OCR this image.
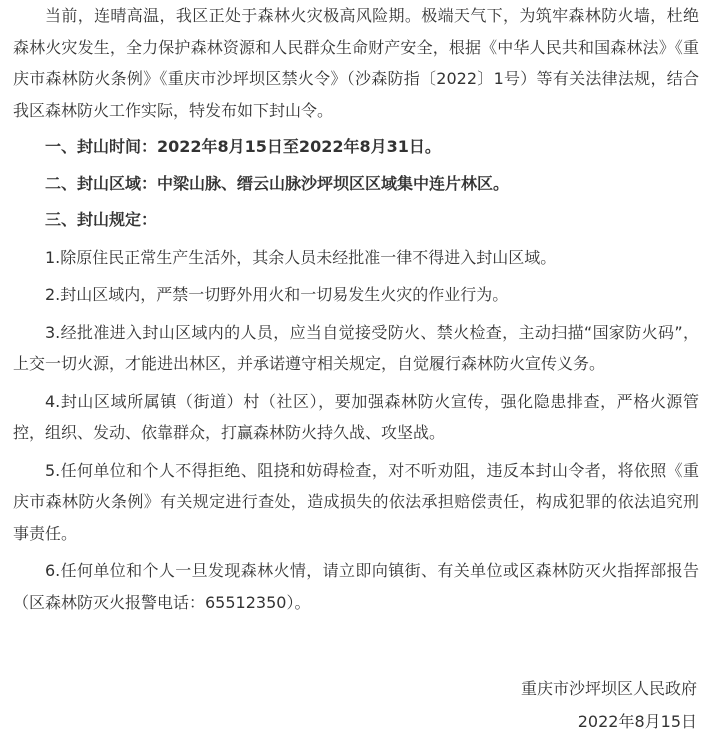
当前，连晴高温，我区正处于森林火灾极高风险期。极端天气下，为筑牢森林防火墙，杜绝森林火灾发生，全力保护森林资源和人民群众生命财产安全，根据《中华人民共和国森林法》《重庆市森林防火条例》《重庆市沙坪坝区禁火令》（沙森防指〔2022〕1号）等有关法律法规，结合我区森林防火工作实际，特发布如下封山令。

一、封山时间：2022年8月15日至2022年8月31日。

二、封山区域：中梁山脉、缙云山脉沙坪坝区区域集中连片林区。

三、封山规定：

1.除原住民正常生产生活外，其余人员未经批准一律不得进入封山区域。

2.封山区域内，严禁一切野外用火和一切易发生火灾的作业行为。

3.经批准进入封山区域内的人员，应当自觉接受防火、禁火检查，主动扫描“国家防火码”，上交一切火源，才能进出林区，并承诺遵守相关规定，自觉履行森林防火宣传义务。

4.封山区域所属镇（街道）村（社区），要加强森林防火宣传，强化隐患排查，严格火源管控，组织、发动、依靠群众，打赢森林防火持久战、攻坚战。

5.任何单位和个人不得拒绝、阻挠和妨碍检查，对不听劝阻，违反本封山令者，将依照《重庆市森林防火条例》有关规定进行查处，造成损失的依法承担赔偿责任，构成犯罪的依法追究刑事责任。

6.任何单位和个人一旦发现森林火情，请立即向镇街、有关单位或区森林防灭火指挥部报告（区森林防灭火报警电话：65512350）。

重庆市沙坪坝区人民政府
2022年8月15日
